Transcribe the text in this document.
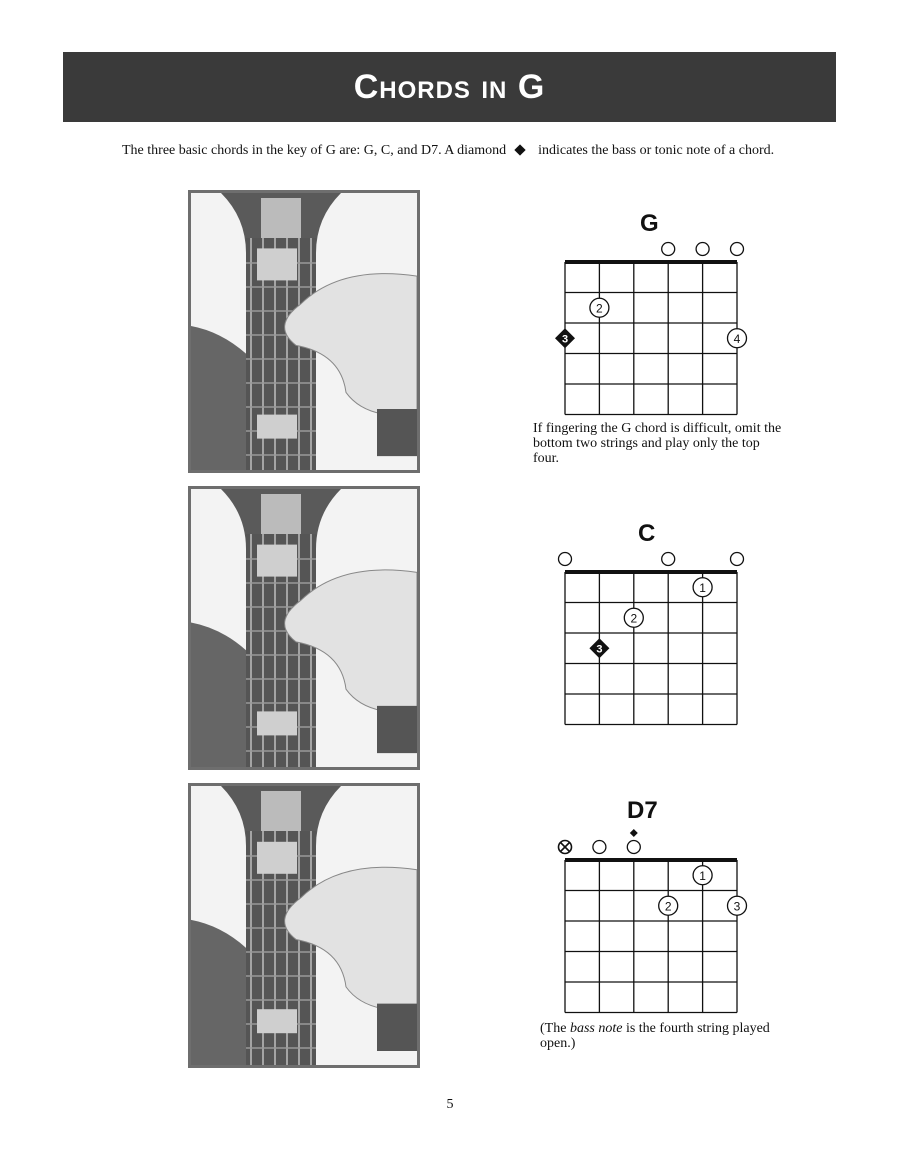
Chords in G

The three basic chords in the key of G are: G, C, and D7. A diamond indicates the bass or tonic note of a chord.

G
3
2
4

If fingering the G chord is difficult, omit the bottom two strings and play only the top four.

C
3
2
1
D7
2
1
3

(The bass note is the fourth string played open.)

5
